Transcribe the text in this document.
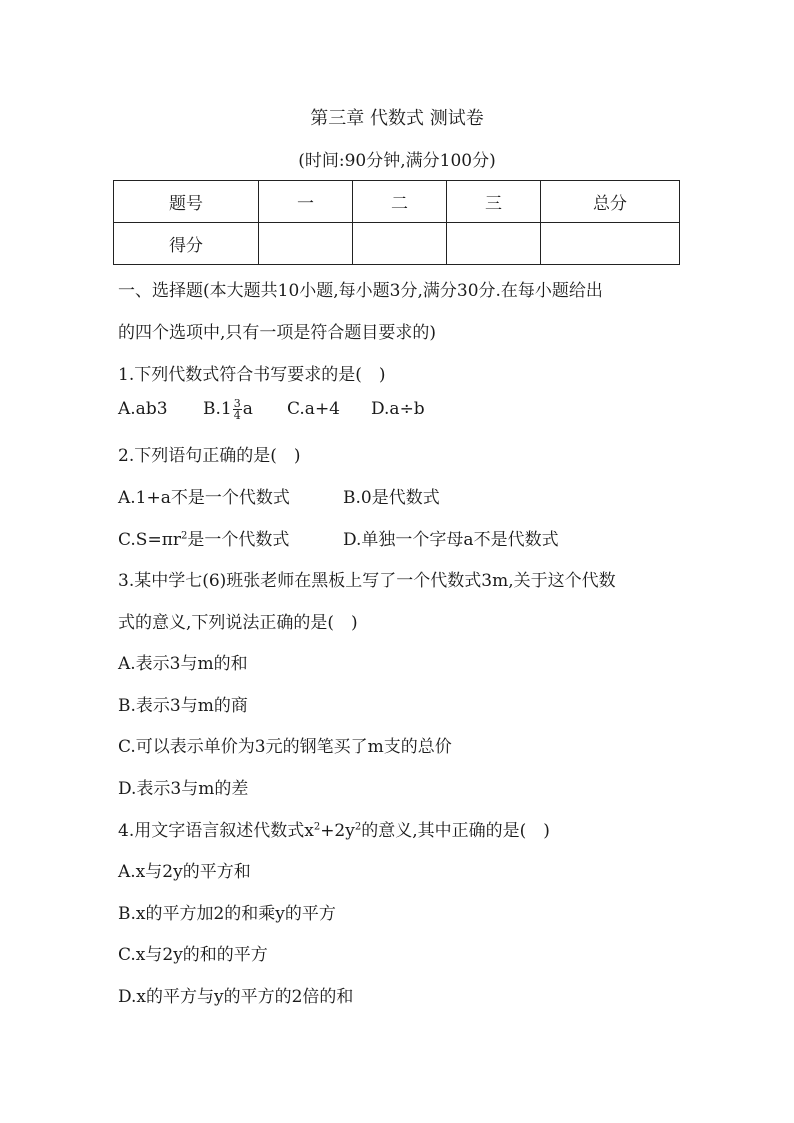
第三章 代数式 测试卷
(时间:90分钟,满分100分)
题号	一	二	三	总分
得分				
一、选择题(本大题共10小题,每小题3分,满分30分.在每小题给出
的四个选项中,只有一项是符合题目要求的)
1.下列代数式符合书写要求的是(　)
A.ab3 $B.1 \frac{3}{4}$ a C.a+4 D.a÷b
2.下列语句正确的是(　)
A.1+a不是一个代数式	B.0是代数式
$C.S=\pi r^2$是一个代数式	D.单独一个字母a不是代数式
3.某中学七(6)班张老师在黑板上写了一个代数式3m,关于这个代数
式的意义,下列说法正确的是(　)
A.表示3与m的和
B.表示3与m的商
C.可以表示单价为3元的钢笔买了m支的总价
D.表示3与m的差
4.用文字语言叙述代数式$x^2+2y^2$的意义,其中正确的是(　)
A.x与2y的平方和
B.x的平方加2的和乘y的平方
C.x与2y的和的平方
D.x的平方与y的平方的2倍的和
